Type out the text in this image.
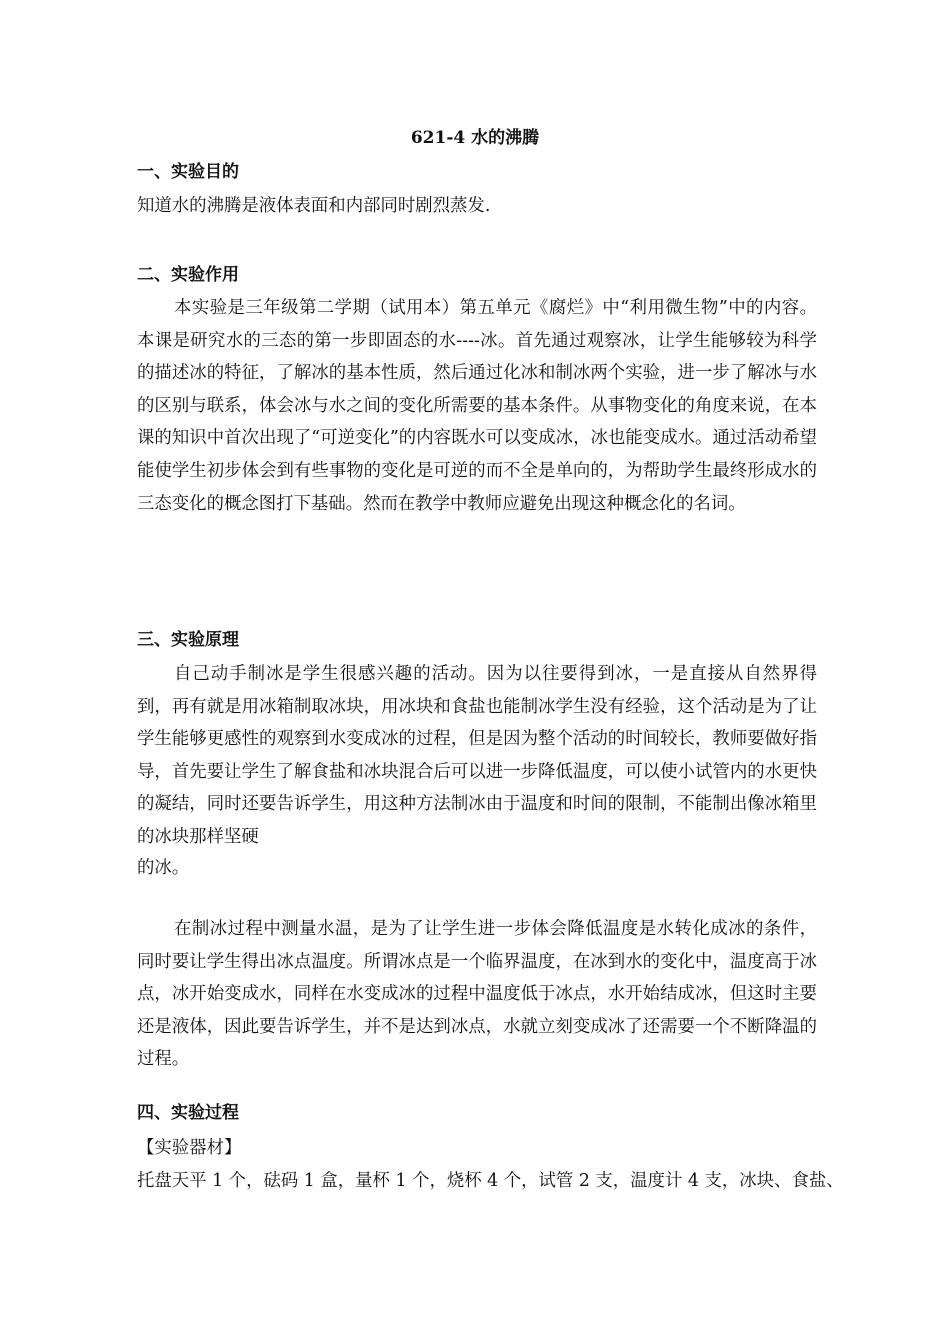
621-4 水的沸腾
一、实验目的
知道水的沸腾是液体表面和内部同时剧烈蒸发.
二、实验作用

本实验是三年级第二学期（试用本）第五单元《腐烂》中“利用微生物”中的内容。本课是研究水的三态的第一步即固态的水----冰。首先通过观察冰，让学生能够较为科学的描述冰的特征，了解冰的基本性质，然后通过化冰和制冰两个实验，进一步了解冰与水的区别与联系，体会冰与水之间的变化所需要的基本条件。从事物变化的角度来说，在本课的知识中首次出现了“可逆变化”的内容既水可以变成冰，冰也能变成水。通过活动希望能使学生初步体会到有些事物的变化是可逆的而不全是单向的，为帮助学生最终形成水的三态变化的概念图打下基础。然而在教学中教师应避免出现这种概念化的名词。

三、实验原理

自己动手制冰是学生很感兴趣的活动。因为以往要得到冰，一是直接从自然界得到，再有就是用冰箱制取冰块，用冰块和食盐也能制冰学生没有经验，这个活动是为了让学生能够更感性的观察到水变成冰的过程，但是因为整个活动的时间较长，教师要做好指导，首先要让学生了解食盐和冰块混合后可以进一步降低温度，可以使小试管内的水更快的凝结，同时还要告诉学生，用这种方法制冰由于温度和时间的限制，不能制出像冰箱里的冰块那样坚硬

的冰。

在制冰过程中测量水温，是为了让学生进一步体会降低温度是水转化成冰的条件，同时要让学生得出冰点温度。所谓冰点是一个临界温度，在冰到水的变化中，温度高于冰点，冰开始变成水，同样在水变成冰的过程中温度低于冰点，水开始结成冰，但这时主要还是液体，因此要告诉学生，并不是达到冰点，水就立刻变成冰了还需要一个不断降温的过程。

四、实验过程
【实验器材】
托盘天平 1 个，砝码 1 盒，量杯 1 个，烧杯 4 个，试管 2 支，温度计 4 支，冰块、食盐、
